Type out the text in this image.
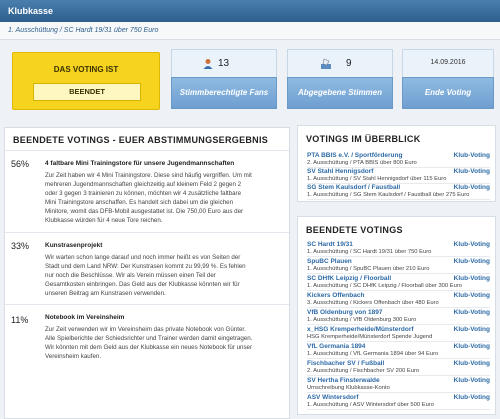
Klubkasse
1. Ausschüttung / SC Hardt 19/31 über 750 Euro
DAS VOTING IST
BEENDET
13
Stimmberechtigte Fans
9
Abgegebene Stimmen
14.09.2016
Ende Voting
BEENDETE VOTINGS - EUER ABSTIMMUNGSERGEBNIS
56% 4 faltbare Mini Trainingstore für unsere Jugendmannschaften
Zur Zeit haben wir 4 Mini Trainingstore. Diese sind häufig vergriffen. Um mit
mehreren Jugendmannschaften gleichzeitig auf kleinem Feld 2 gegen 2
oder 3 gegen 3 trainieren zu können, möchten wir 4 zusätzliche faltbare
Mini Trainingstore anschaffen. Es handelt sich dabei um die gleichen
Minitore, womit das DFB-Mobil ausgestattet ist. Die 750,00 Euro aus der
Klubkasse würden für 4 neue Tore reichen.
33% Kunstrasenprojekt
Wir warten schon lange darauf und noch immer heißt es von Seiten der
Stadt und dem Land NRW: Der Kunstrasen kommt zu 99,99 %. Es fehlen
nur noch die Beschlüsse. Wir als Verein müssen einen Teil der
Gesamtkosten einbringen. Das Geld aus der Klubkasse könnten wir für
unseren Beitrag am Kunstrasen verwenden.
11%	Notebook im Vereinsheim
Zur Zeit verwenden wir im Vereinsheim das private Notebook von Günter.
Alle Spielberichte der Schiedsrichter und Trainer werden damit eingetragen.
Wir könnten mit dem Geld aus der Klubkasse ein neues Notebook für unser
Vereinsheim kaufen.
VOTINGS IM ÜBERBLICK
PTA BBIS e.V. / Sportförderung	Klub-Voting
2. Ausschüttung / PTA BBIS über 800 Euro
SV Stahl Hennigsdorf	Klub-Voting
1. Ausschüttung / SV Stahl Hennigsdorf über 115 Euro
SG Stem Kaulsdorf / Faustball	Klub-Voting
1. Ausschüttung / SG Stem Kaulsdorf / Faustball über 275 Euro
BEENDETE VOTINGS
SC Hardt 19/31	Klub-Voting
1. Ausschüttung / SC Hardt 19/31 über 750 Euro
SpuBC Plauen	Klub-Voting
1. Ausschüttung / SpuBC Plauen über 210 Euro
SC DHfK Leipzig / Floorball	Klub-Voting
1. Ausschüttung / SC DHfK Leipzig / Floorball über 300 Euro
Kickers Offenbach	Klub-Voting
3. Ausschüttung / Kickers Offenbach über 480 Euro
VfB Oldenburg von 1897	Klub-Voting
1. Ausschüttung / VfB Oldenburg 300 Euro
x_HSG Kremperheide/Münsterdorf	Klub-Voting
HSG Kremperheide/Münsterdorf Spende Jugend
VfL Germania 1894	Klub-Voting
1. Ausschüttung / VfL Germania 1894 über 94 Euro
Fischbacher SV / Fußball	Klub-Voting
2. Ausschüttung / Fischbacher SV 200 Euro
SV Hertha Finsterwalde	Klub-Voting
Umschreibung Klubkasse-Konto
ASV Wintersdorf	Klub-Voting
1. Ausschüttung / ASV Wintersdorf über 500 Euro
